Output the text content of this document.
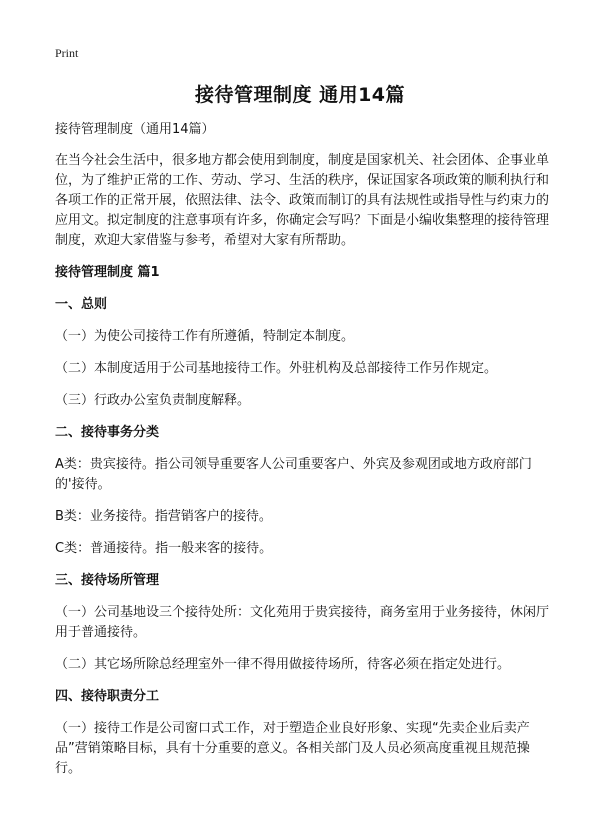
Print
接待管理制度 通用14篇

接待管理制度（通用14篇）

在当今社会生活中，很多地方都会使用到制度，制度是国家机关、社会团体、企事业单位，为了维护正常的工作、劳动、学习、生活的秩序，保证国家各项政策的顺利执行和各项工作的正常开展，依照法律、法令、政策而制订的具有法规性或指导性与约束力的应用文。拟定制度的注意事项有许多，你确定会写吗？下面是小编收集整理的接待管理制度，欢迎大家借鉴与参考，希望对大家有所帮助。

接待管理制度 篇1

一、总则

（一）为使公司接待工作有所遵循，特制定本制度。

（二）本制度适用于公司基地接待工作。外驻机构及总部接待工作另作规定。

（三）行政办公室负责制度解释。

二、接待事务分类

A类：贵宾接待。指公司领导重要客人公司重要客户、外宾及参观团或地方政府部门的'接待。

B类：业务接待。指营销客户的接待。

C类：普通接待。指一般来客的接待。

三、接待场所管理

（一）公司基地设三个接待处所：文化苑用于贵宾接待，商务室用于业务接待，休闲厅用于普通接待。

（二）其它场所除总经理室外一律不得用做接待场所，待客必须在指定处进行。

四、接待职责分工

（一）接待工作是公司窗口式工作，对于塑造企业良好形象、实现“先卖企业后卖产品”营销策略目标，具有十分重要的意义。各相关部门及人员必须高度重视且规范操行。
